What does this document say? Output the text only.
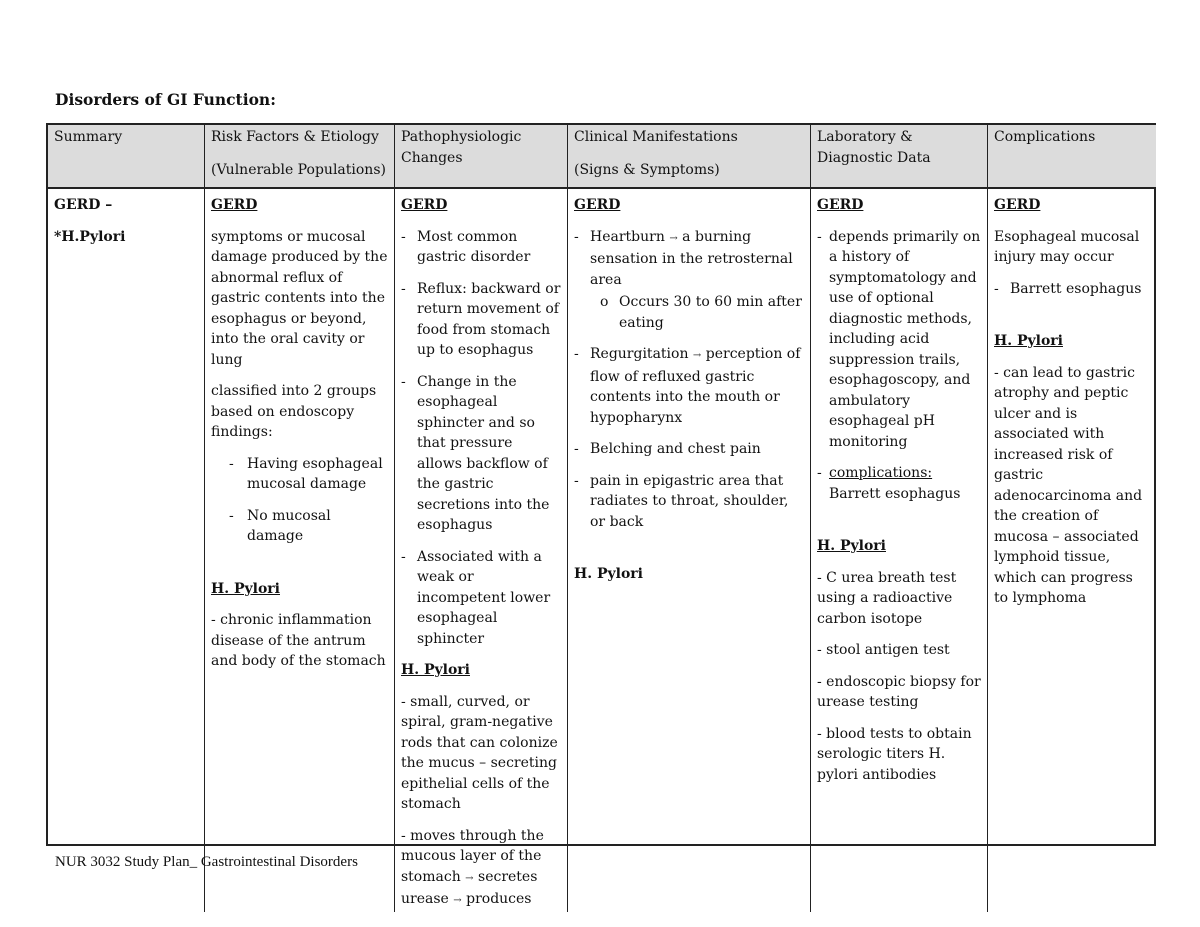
Disorders of GI Function:

Summary	Risk Factors & Etiology

(Vulnerable Populations)

Pathophysiologic Changes

Clinical Manifestations

(Signs & Symptoms)

Laboratory & Diagnostic Data

Complications

GERD –

*H.Pylori

GERD

symptoms or mucosal damage produced by the abnormal reflux of gastric contents into the esophagus or beyond, into the oral cavity or lung

classified into 2 groups based on endoscopy findings:

- Having esophageal mucosal damage
- No mucosal damage

H. Pylori

- chronic inflammation disease of the antrum and body of the stomach

GERD

- Most common gastric disorder
- Reflux: backward or return movement of food from stomach up to esophagus
- Change in the esophageal sphincter and so that pressure allows backflow of the gastric secretions into the esophagus
- Associated with a weak or incompetent lower esophageal sphincter

H. Pylori

- small, curved, or spiral, gram-negative rods that can colonize the mucus – secreting epithelial cells of the stomach

- moves through the mucous layer of the stomach → secretes urease → produces

GERD

- Heartburn → a burning sensation in the retrosternal area
o Occurs 30 to 60 min after eating
- Regurgitation → perception of flow of refluxed gastric contents into the mouth or hypopharynx
- Belching and chest pain
- pain in epigastric area that radiates to throat, shoulder, or back

H. Pylori

GERD

- depends primarily on a history of symptomatology and use of optional diagnostic methods, including acid suppression trails, esophagoscopy, and ambulatory esophageal pH monitoring
- complications:
Barrett esophagus

H. Pylori

- C urea breath test using a radioactive carbon isotope

- stool antigen test

- endoscopic biopsy for urease testing

- blood tests to obtain serologic titers H. pylori antibodies

GERD

Esophageal mucosal injury may occur

- Barrett esophagus

H. Pylori

- can lead to gastric atrophy and peptic ulcer and is associated with increased risk of gastric adenocarcinoma and the creation of mucosa – associated lymphoid tissue, which can progress to lymphoma

NUR 3032 Study Plan_ Gastrointestinal Disorders
